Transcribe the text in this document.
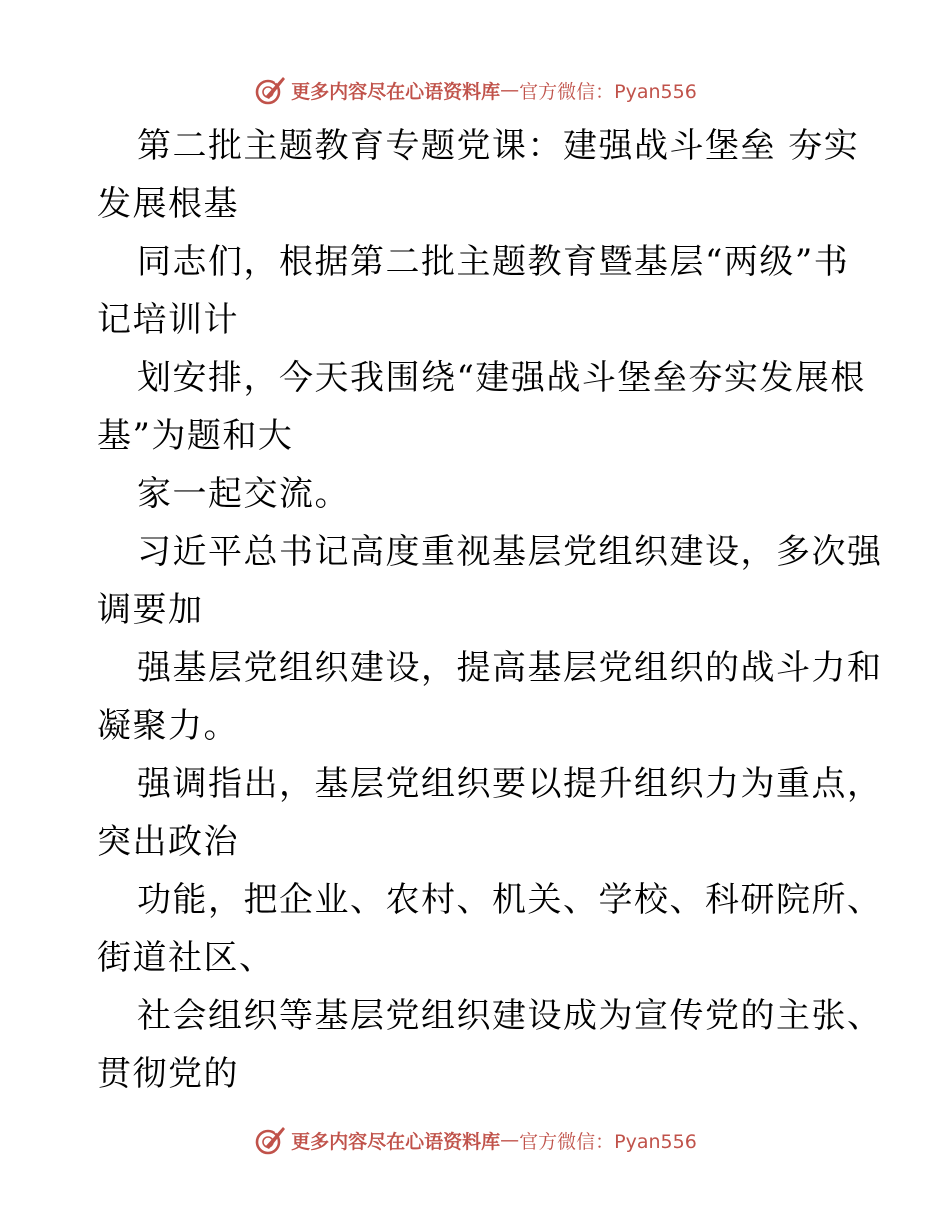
更多内容尽在心语资料库 — 官方微信：Pyan556
第二批主题教育专题党课：建强战斗堡垒 夯实
发展根基
同志们，根据第二批主题教育暨基层“两级”书
记培训计
划安排，今天我围绕“建强战斗堡垒夯实发展根
基”为题和大
家一起交流。
习近平总书记高度重视基层党组织建设，多次强
调要加
强基层党组织建设，提高基层党组织的战斗力和
凝聚力。
强调指出，基层党组织要以提升组织力为重点，
突出政治
功能，把企业、农村、机关、学校、科研院所、
街道社区、
社会组织等基层党组织建设成为宣传党的主张、
贯彻党的
更多内容尽在心语资料库 — 官方微信：Pyan556
